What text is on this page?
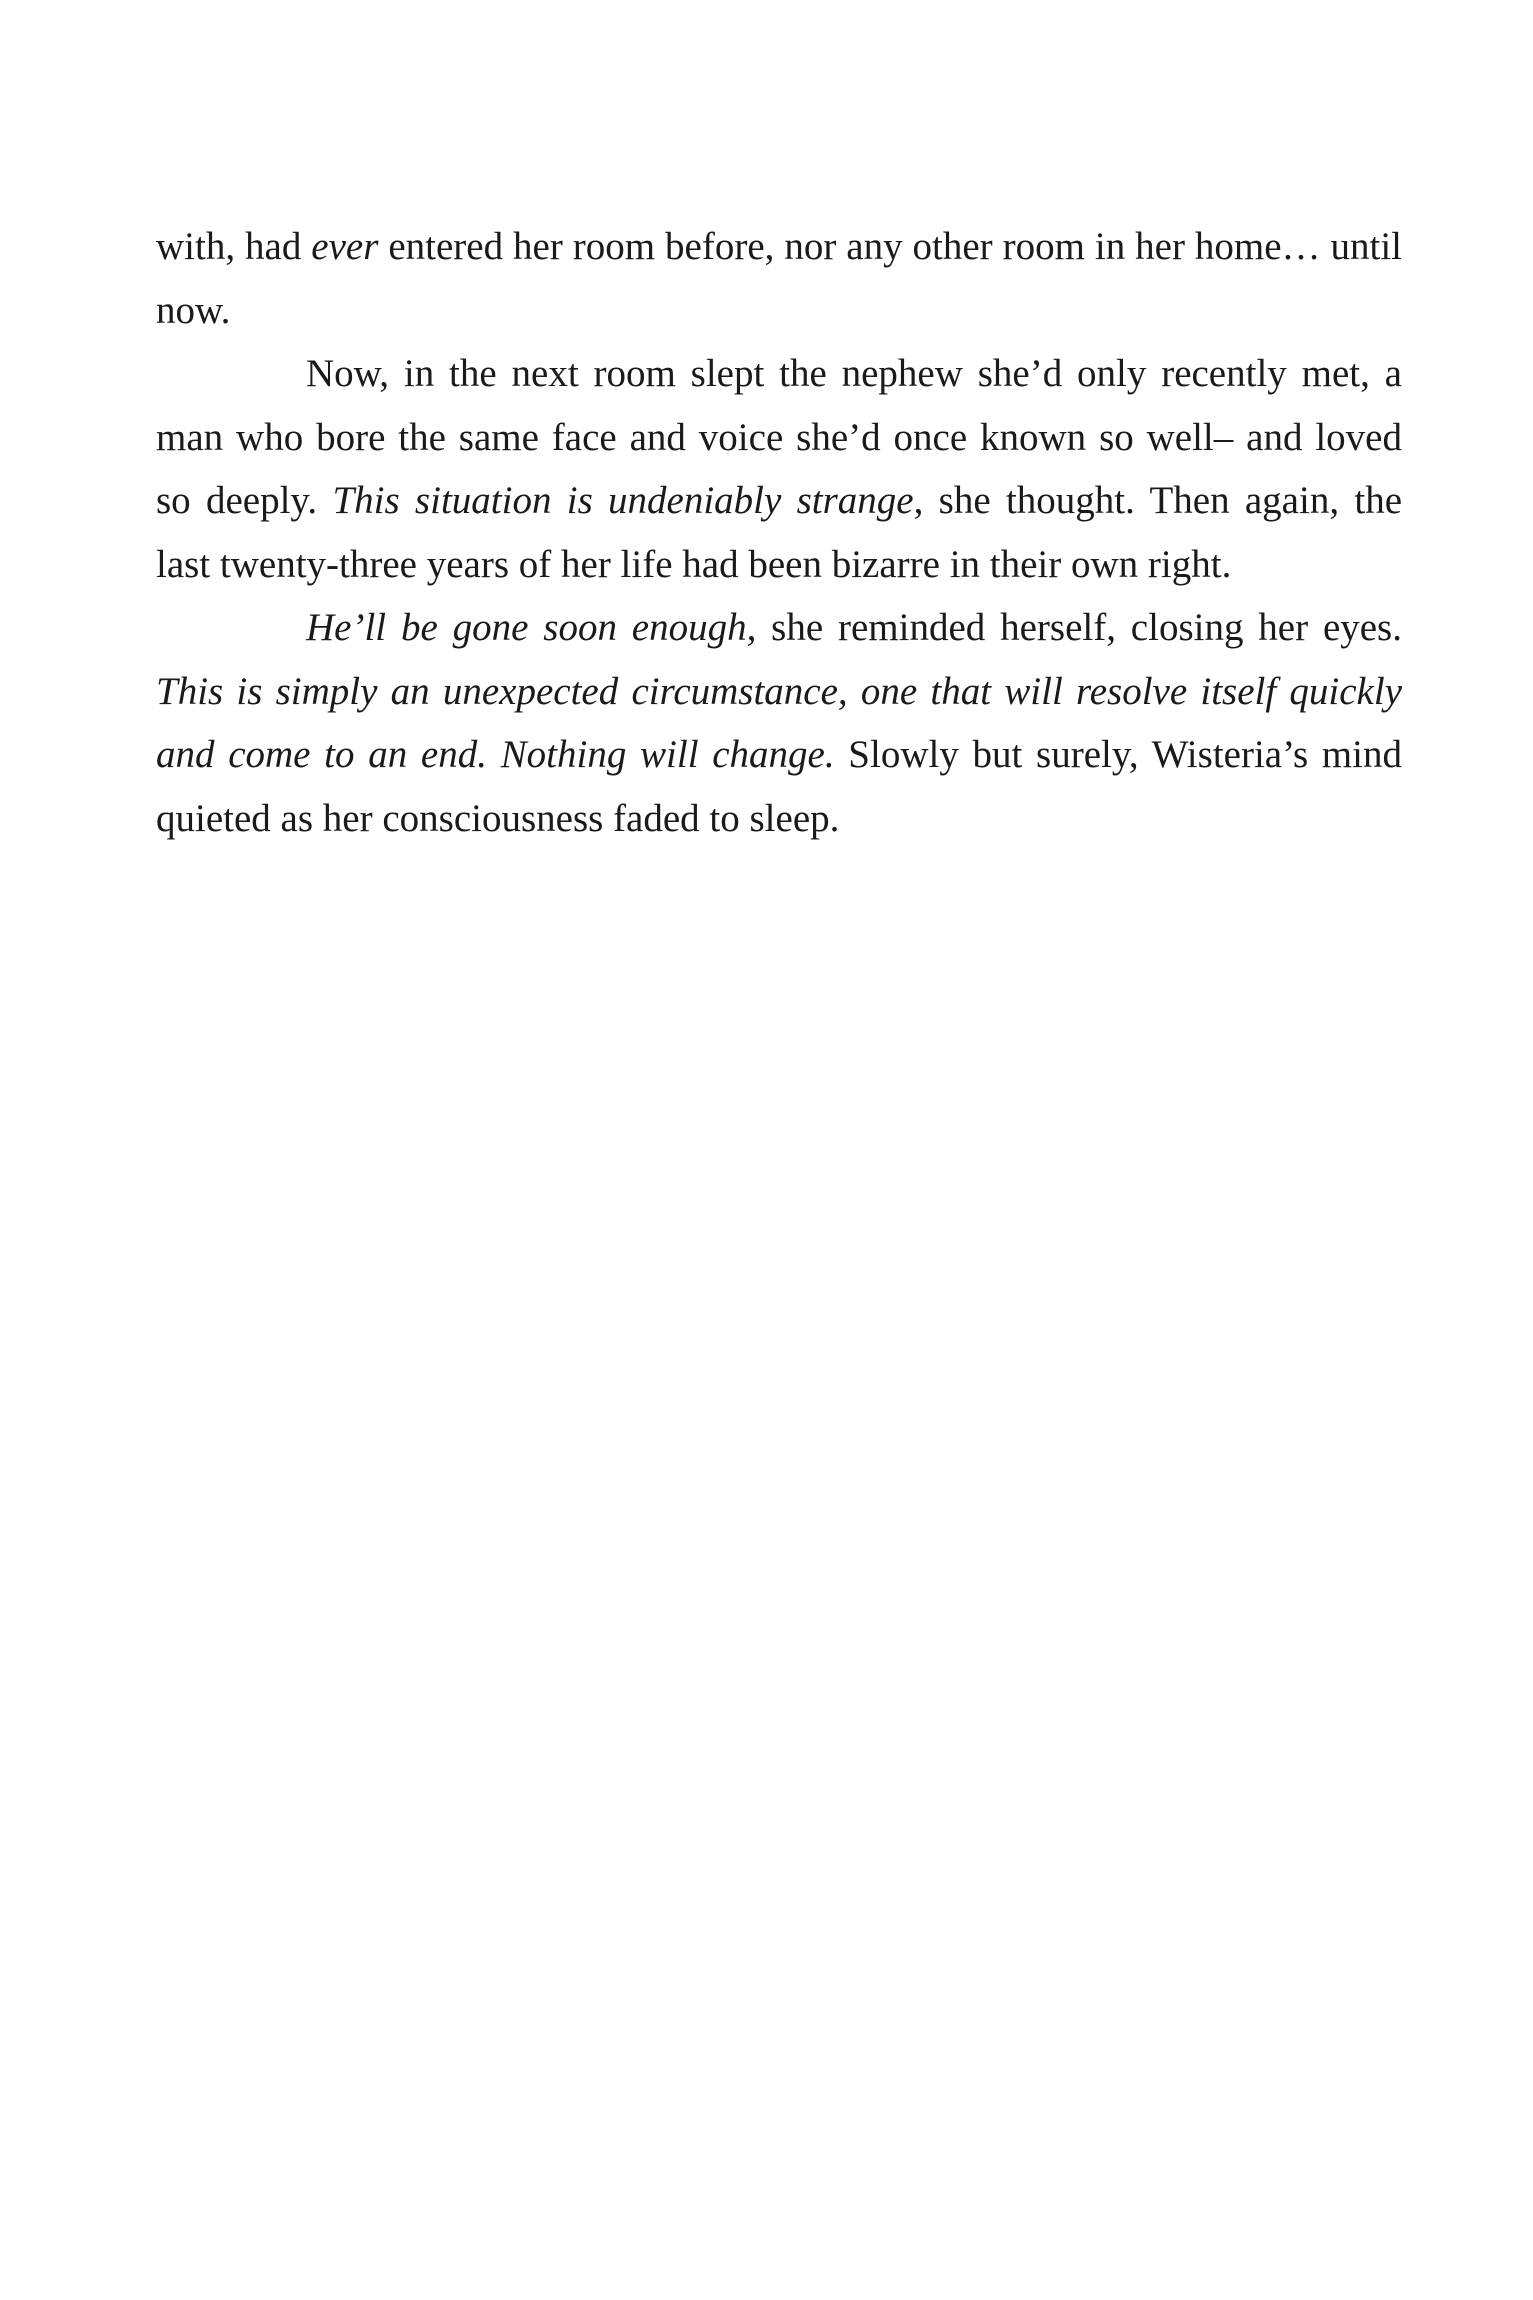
with, had ever entered her room before, nor any other room in her home… until now.

Now, in the next room slept the nephew she’d only recently met, a man who bore the same face and voice she’d once known so well– and loved so deeply. This situation is undeniably strange, she thought. Then again, the last twenty-three years of her life had been bizarre in their own right.

He’ll be gone soon enough, she reminded herself, closing her eyes. This is simply an unexpected circumstance, one that will resolve itself quickly and come to an end. Nothing will change. Slowly but surely, Wisteria’s mind quieted as her consciousness faded to sleep.
